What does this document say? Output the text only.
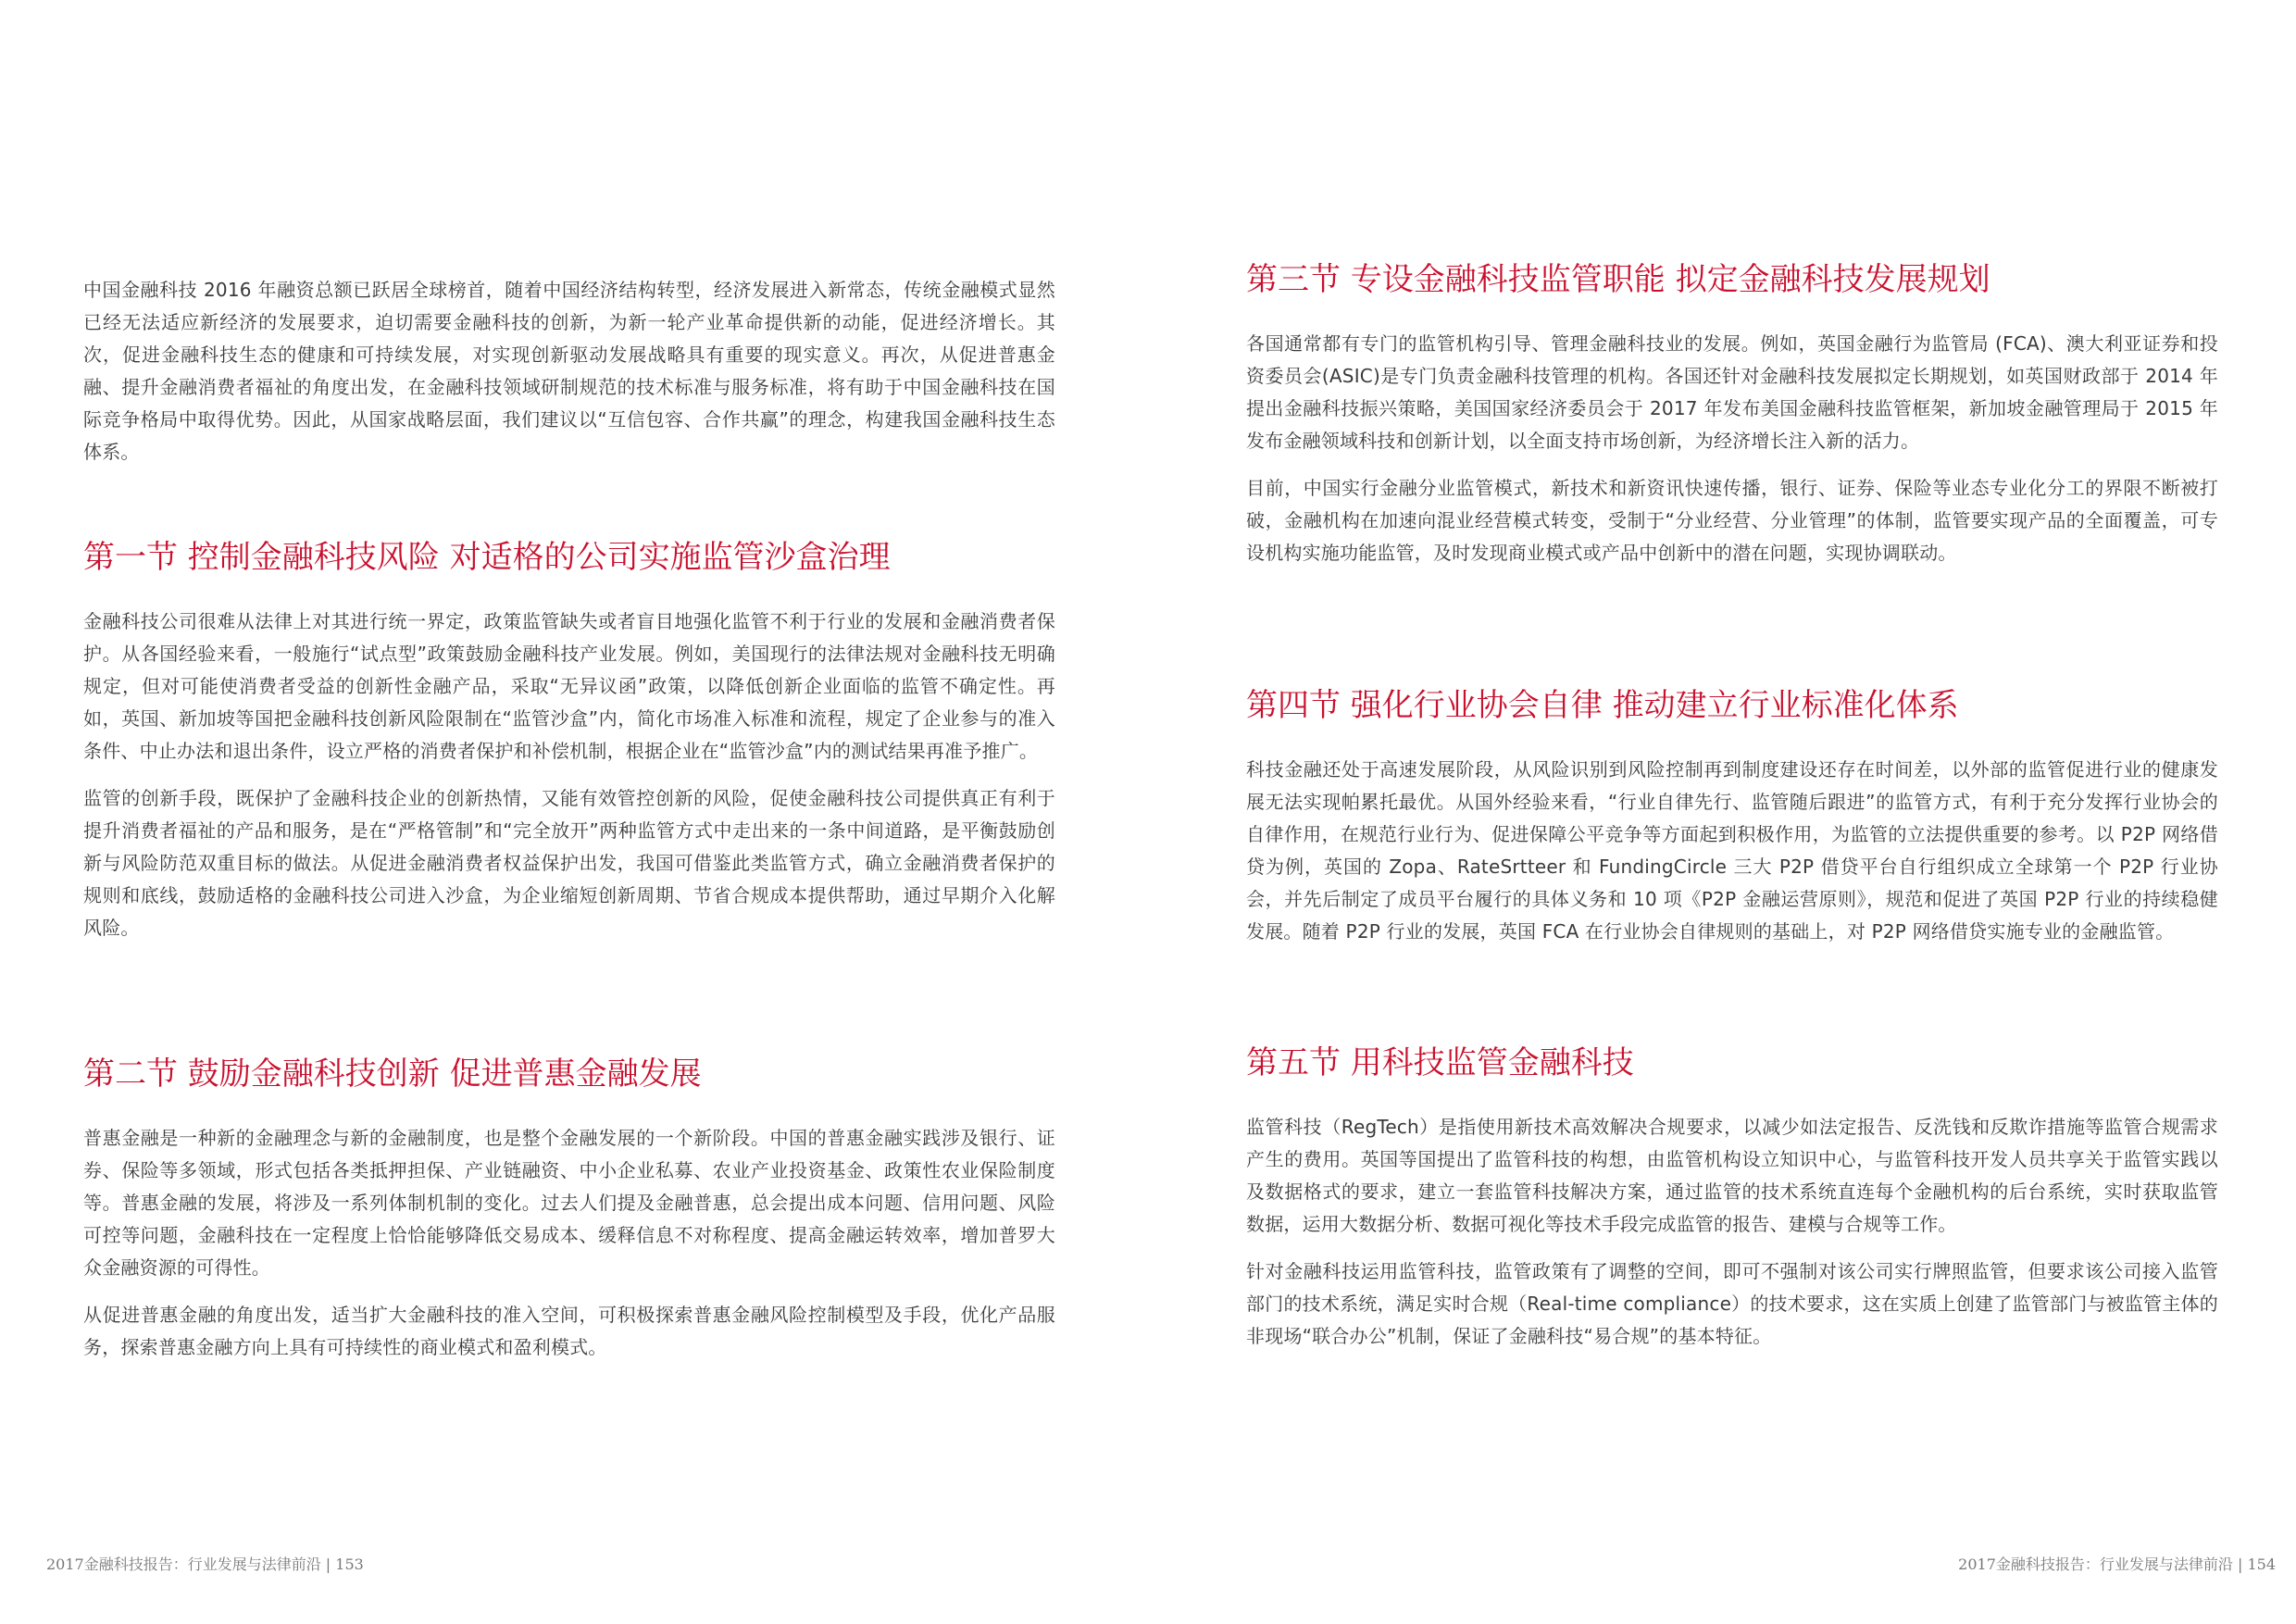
中国金融科技 2016 年融资总额已跃居全球榜首，随着中国经济结构转型，经济发展进入新常态，传统金融模式显然已经无法适应新经济的发展要求，迫切需要金融科技的创新，为新一轮产业革命提供新的动能，促进经济增长。其次，促进金融科技生态的健康和可持续发展，对实现创新驱动发展战略具有重要的现实意义。再次，从促进普惠金融、提升金融消费者福祉的角度出发，在金融科技领域研制规范的技术标准与服务标准，将有助于中国金融科技在国际竞争格局中取得优势。因此，从国家战略层面，我们建议以“互信包容、合作共赢”的理念，构建我国金融科技生态体系。

第一节 控制金融科技风险 对适格的公司实施监管沙盒治理

金融科技公司很难从法律上对其进行统一界定，政策监管缺失或者盲目地强化监管不利于行业的发展和金融消费者保护。从各国经验来看，一般施行“试点型”政策鼓励金融科技产业发展。例如，美国现行的法律法规对金融科技无明确规定，但对可能使消费者受益的创新性金融产品，采取“无异议函”政策，以降低创新企业面临的监管不确定性。再如，英国、新加坡等国把金融科技创新风险限制在“监管沙盒”内，简化市场准入标准和流程，规定了企业参与的准入条件、中止办法和退出条件，设立严格的消费者保护和补偿机制，根据企业在“监管沙盒”内的测试结果再准予推广。

监管的创新手段，既保护了金融科技企业的创新热情，又能有效管控创新的风险，促使金融科技公司提供真正有利于提升消费者福祉的产品和服务，是在“严格管制”和“完全放开”两种监管方式中走出来的一条中间道路，是平衡鼓励创新与风险防范双重目标的做法。从促进金融消费者权益保护出发，我国可借鉴此类监管方式，确立金融消费者保护的规则和底线，鼓励适格的金融科技公司进入沙盒，为企业缩短创新周期、节省合规成本提供帮助，通过早期介入化解风险。

第二节 鼓励金融科技创新 促进普惠金融发展

普惠金融是一种新的金融理念与新的金融制度，也是整个金融发展的一个新阶段。中国的普惠金融实践涉及银行、证券、保险等多领域，形式包括各类抵押担保、产业链融资、中小企业私募、农业产业投资基金、政策性农业保险制度等。普惠金融的发展，将涉及一系列体制机制的变化。过去人们提及金融普惠，总会提出成本问题、信用问题、风险可控等问题，金融科技在一定程度上恰恰能够降低交易成本、缓释信息不对称程度、提高金融运转效率，增加普罗大众金融资源的可得性。

从促进普惠金融的角度出发，适当扩大金融科技的准入空间，可积极探索普惠金融风险控制模型及手段，优化产品服务，探索普惠金融方向上具有可持续性的商业模式和盈利模式。

第三节 专设金融科技监管职能 拟定金融科技发展规划

各国通常都有专门的监管机构引导、管理金融科技业的发展。例如，英国金融行为监管局 (FCA)、澳大利亚证券和投资委员会(ASIC)是专门负责金融科技管理的机构。各国还针对金融科技发展拟定长期规划，如英国财政部于 2014 年提出金融科技振兴策略，美国国家经济委员会于 2017 年发布美国金融科技监管框架，新加坡金融管理局于 2015 年发布金融领域科技和创新计划，以全面支持市场创新，为经济增长注入新的活力。

目前，中国实行金融分业监管模式，新技术和新资讯快速传播，银行、证券、保险等业态专业化分工的界限不断被打破，金融机构在加速向混业经营模式转变，受制于“分业经营、分业管理”的体制，监管要实现产品的全面覆盖，可专设机构实施功能监管，及时发现商业模式或产品中创新中的潜在问题，实现协调联动。

第四节 强化行业协会自律 推动建立行业标准化体系

科技金融还处于高速发展阶段，从风险识别到风险控制再到制度建设还存在时间差，以外部的监管促进行业的健康发展无法实现帕累托最优。从国外经验来看，“行业自律先行、监管随后跟进”的监管方式，有利于充分发挥行业协会的自律作用，在规范行业行为、促进保障公平竞争等方面起到积极作用，为监管的立法提供重要的参考。以 P2P 网络借贷为例，英国的 Zopa、RateSrtteer 和 FundingCircle 三大 P2P 借贷平台自行组织成立全球第一个 P2P 行业协会，并先后制定了成员平台履行的具体义务和 10 项《P2P 金融运营原则》，规范和促进了英国 P2P 行业的持续稳健发展。随着 P2P 行业的发展，英国 FCA 在行业协会自律规则的基础上，对 P2P 网络借贷实施专业的金融监管。

第五节 用科技监管金融科技

监管科技（RegTech）是指使用新技术高效解决合规要求，以减少如法定报告、反洗钱和反欺诈措施等监管合规需求产生的费用。英国等国提出了监管科技的构想，由监管机构设立知识中心，与监管科技开发人员共享关于监管实践以及数据格式的要求，建立一套监管科技解决方案，通过监管的技术系统直连每个金融机构的后台系统，实时获取监管数据，运用大数据分析、数据可视化等技术手段完成监管的报告、建模与合规等工作。

针对金融科技运用监管科技，监管政策有了调整的空间，即可不强制对该公司实行牌照监管，但要求该公司接入监管部门的技术系统，满足实时合规（Real-time compliance）的技术要求，这在实质上创建了监管部门与被监管主体的非现场“联合办公”机制，保证了金融科技“易合规”的基本特征。

2017金融科技报告：行业发展与法律前沿 | 153	2017金融科技报告：行业发展与法律前沿 | 154
